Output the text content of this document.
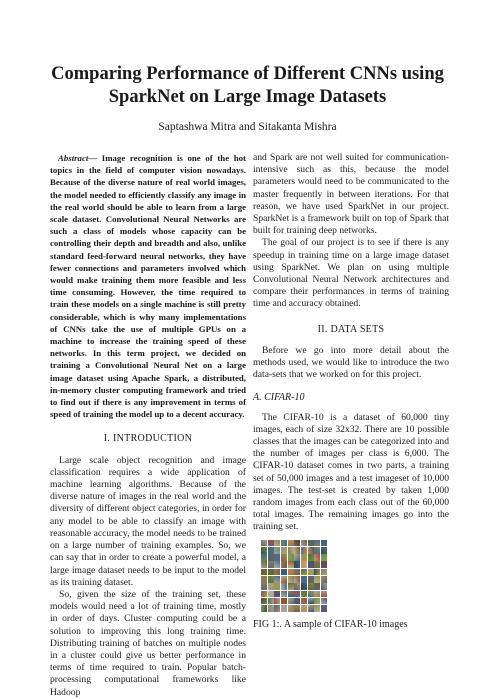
Comparing Performance of Different CNNs using
SparkNet on Large Image Datasets
Saptashwa Mitra and Sitakanta Mishra

Abstract— Image recognition is one of the hot topics in the field of computer vision nowadays. Because of the diverse nature of real world images, the model needed to efficiently classify any image in the real world should be able to learn from a large scale dataset. Convolutional Neural Networks are such a class of models whose capacity can be controlling their depth and breadth and also, unlike standard feed-forward neural networks, they have fewer connections and parameters involved which would make training them more feasible and less time consuming. However, the time required to train these models on a single machine is still pretty considerable, which is why many implementations of CNNs take the use of multiple GPUs on a machine to increase the training speed of these networks. In this term project, we decided on training a Convolutional Neural Net on a large image dataset using Apache Spark, a distributed, in-memory cluster computing framework and tried to find out if there is any improvement in terms of speed of training the model up to a decent accuracy.

I. INTRODUCTION

Large scale object recognition and image classification requires a wide application of machine learning algorithms. Because of the diverse nature of images in the real world and the diversity of different object categories, in order for any model to be able to classify an image with reasonable accuracy, the model needs to be trained on a large number of training examples. So, we can say that in order to create a powerful model, a large image dataset needs to be input to the model as its training dataset.

So, given the size of the training set, these models would need a lot of training time, mostly in order of days. Cluster computing could be a solution to improving this long training time. Distributing training of batches on multiple nodes in a cluster could give us better performance in terms of time required to train. Popular batch-processing computational frameworks like Hadoop

and Spark are not well suited for communication-intensive such as this, because the model parameters would need to be communicated to the master frequently in between iterations. For that reason, we have used SparkNet in our project. SparkNet is a framework built on top of Spark that built for training deep networks.

The goal of our project is to see if there is any speedup in training time on a large image dataset using SparkNet. We plan on using multiple Convolutional Neural Network architectures and compare their performances in terms of training time and accuracy obtained.

II. DATA SETS

Before we go into more detail about the methods used, we would like to introduce the two data-sets that we worked on for this project.

A. CIFAR-10

The CIFAR-10 is a dataset of 60,000 tiny images, each of size 32x32. There are 10 possible classes that the images can be categorized into and the number of images per class is 6,000. The CIFAR-10 dataset comes in two parts, a training set of 50,000 images and a test imageset of 10,000 images. The test-set is created by taken 1,000 random images from each class out of the 60,000 total images. The remaining images go into the training set.

FIG 1:. A sample of CIFAR-10 images
